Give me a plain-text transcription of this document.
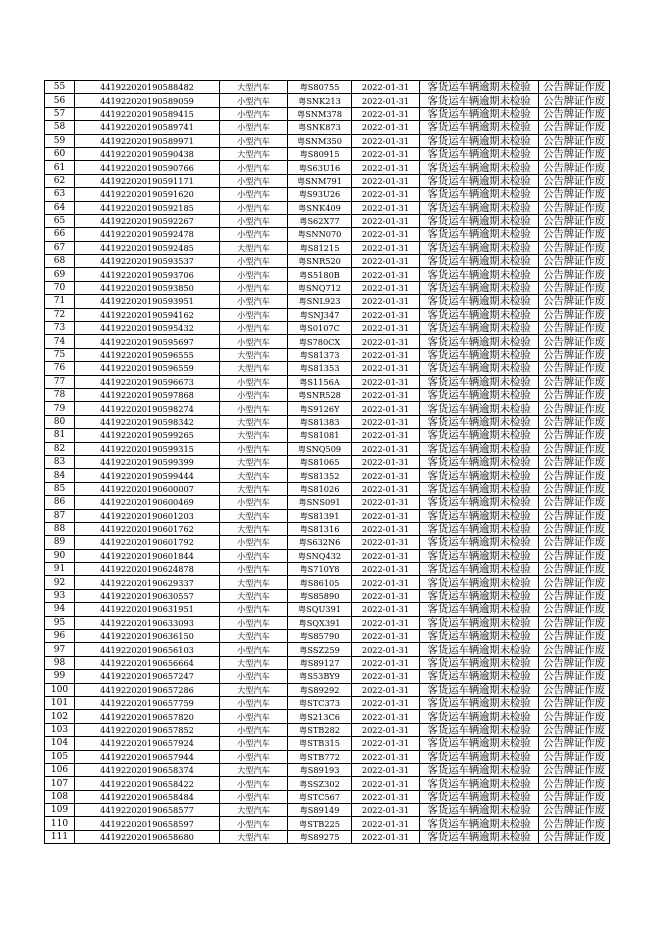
55	441922020190588482	大型汽车	粤S80755	2022-01-31	客货运车辆逾期未检验	公告牌证作废
56	441922020190589059	小型汽车	粤SNK213	2022-01-31	客货运车辆逾期未检验	公告牌证作废
57	441922020190589415	小型汽车	粤SNM378	2022-01-31	客货运车辆逾期未检验	公告牌证作废
58	441922020190589741	小型汽车	粤SNK873	2022-01-31	客货运车辆逾期未检验	公告牌证作废
59	441922020190589971	小型汽车	粤SNM350	2022-01-31	客货运车辆逾期未检验	公告牌证作废
60	441922020190590438	大型汽车	粤S80915	2022-01-31	客货运车辆逾期未检验	公告牌证作废
61	441922020190590766	小型汽车	粤S63U16	2022-01-31	客货运车辆逾期未检验	公告牌证作废
62	441922020190591171	小型汽车	粤SNM791	2022-01-31	客货运车辆逾期未检验	公告牌证作废
63	441922020190591620	小型汽车	粤S93U26	2022-01-31	客货运车辆逾期未检验	公告牌证作废
64	441922020190592185	小型汽车	粤SNK409	2022-01-31	客货运车辆逾期未检验	公告牌证作废
65	441922020190592267	小型汽车	粤S62X77	2022-01-31	客货运车辆逾期未检验	公告牌证作废
66	441922020190592478	小型汽车	粤SNN070	2022-01-31	客货运车辆逾期未检验	公告牌证作废
67	441922020190592485	大型汽车	粤S81215	2022-01-31	客货运车辆逾期未检验	公告牌证作废
68	441922020190593537	小型汽车	粤SNR520	2022-01-31	客货运车辆逾期未检验	公告牌证作废
69	441922020190593706	小型汽车	粤S5180B	2022-01-31	客货运车辆逾期未检验	公告牌证作废
70	441922020190593850	小型汽车	粤SNQ712	2022-01-31	客货运车辆逾期未检验	公告牌证作废
71	441922020190593951	小型汽车	粤SNL923	2022-01-31	客货运车辆逾期未检验	公告牌证作废
72	441922020190594162	小型汽车	粤SNJ347	2022-01-31	客货运车辆逾期未检验	公告牌证作废
73	441922020190595432	小型汽车	粤S0107C	2022-01-31	客货运车辆逾期未检验	公告牌证作废
74	441922020190595697	小型汽车	粤S780CX	2022-01-31	客货运车辆逾期未检验	公告牌证作废
75	441922020190596555	大型汽车	粤S81373	2022-01-31	客货运车辆逾期未检验	公告牌证作废
76	441922020190596559	大型汽车	粤S81353	2022-01-31	客货运车辆逾期未检验	公告牌证作废
77	441922020190596673	小型汽车	粤S1156A	2022-01-31	客货运车辆逾期未检验	公告牌证作废
78	441922020190597868	小型汽车	粤SNR528	2022-01-31	客货运车辆逾期未检验	公告牌证作废
79	441922020190598274	小型汽车	粤S9126Y	2022-01-31	客货运车辆逾期未检验	公告牌证作废
80	441922020190598342	大型汽车	粤S81383	2022-01-31	客货运车辆逾期未检验	公告牌证作废
81	441922020190599265	大型汽车	粤S81081	2022-01-31	客货运车辆逾期未检验	公告牌证作废
82	441922020190599315	小型汽车	粤SNQ509	2022-01-31	客货运车辆逾期未检验	公告牌证作废
83	441922020190599399	大型汽车	粤S81065	2022-01-31	客货运车辆逾期未检验	公告牌证作废
84	441922020190599444	大型汽车	粤S81352	2022-01-31	客货运车辆逾期未检验	公告牌证作废
85	441922020190600007	大型汽车	粤S81026	2022-01-31	客货运车辆逾期未检验	公告牌证作废
86	441922020190600469	小型汽车	粤SNS091	2022-01-31	客货运车辆逾期未检验	公告牌证作废
87	441922020190601203	大型汽车	粤S81391	2022-01-31	客货运车辆逾期未检验	公告牌证作废
88	441922020190601762	大型汽车	粤S81316	2022-01-31	客货运车辆逾期未检验	公告牌证作废
89	441922020190601792	小型汽车	粤S632N6	2022-01-31	客货运车辆逾期未检验	公告牌证作废
90	441922020190601844	小型汽车	粤SNQ432	2022-01-31	客货运车辆逾期未检验	公告牌证作废
91	441922020190624878	小型汽车	粤S710Y8	2022-01-31	客货运车辆逾期未检验	公告牌证作废
92	441922020190629337	大型汽车	粤S86105	2022-01-31	客货运车辆逾期未检验	公告牌证作废
93	441922020190630557	大型汽车	粤S85890	2022-01-31	客货运车辆逾期未检验	公告牌证作废
94	441922020190631951	小型汽车	粤SQU391	2022-01-31	客货运车辆逾期未检验	公告牌证作废
95	441922020190633093	小型汽车	粤SQX391	2022-01-31	客货运车辆逾期未检验	公告牌证作废
96	441922020190636150	大型汽车	粤S85790	2022-01-31	客货运车辆逾期未检验	公告牌证作废
97	441922020190656103	小型汽车	粤SSZ259	2022-01-31	客货运车辆逾期未检验	公告牌证作废
98	441922020190656664	大型汽车	粤S89127	2022-01-31	客货运车辆逾期未检验	公告牌证作废
99	441922020190657247	小型汽车	粤S53BY9	2022-01-31	客货运车辆逾期未检验	公告牌证作废
100	441922020190657286	大型汽车	粤S89292	2022-01-31	客货运车辆逾期未检验	公告牌证作废
101	441922020190657759	小型汽车	粤STC373	2022-01-31	客货运车辆逾期未检验	公告牌证作废
102	441922020190657820	小型汽车	粤S213C6	2022-01-31	客货运车辆逾期未检验	公告牌证作废
103	441922020190657852	小型汽车	粤STB282	2022-01-31	客货运车辆逾期未检验	公告牌证作废
104	441922020190657924	小型汽车	粤STB315	2022-01-31	客货运车辆逾期未检验	公告牌证作废
105	441922020190657944	小型汽车	粤STB772	2022-01-31	客货运车辆逾期未检验	公告牌证作废
106	441922020190658374	大型汽车	粤S89193	2022-01-31	客货运车辆逾期未检验	公告牌证作废
107	441922020190658422	小型汽车	粤SSZ302	2022-01-31	客货运车辆逾期未检验	公告牌证作废
108	441922020190658484	小型汽车	粤STC567	2022-01-31	客货运车辆逾期未检验	公告牌证作废
109	441922020190658577	大型汽车	粤S89149	2022-01-31	客货运车辆逾期未检验	公告牌证作废
110	441922020190658597	小型汽车	粤STB225	2022-01-31	客货运车辆逾期未检验	公告牌证作废
111	441922020190658680	大型汽车	粤S89275	2022-01-31	客货运车辆逾期未检验	公告牌证作废
